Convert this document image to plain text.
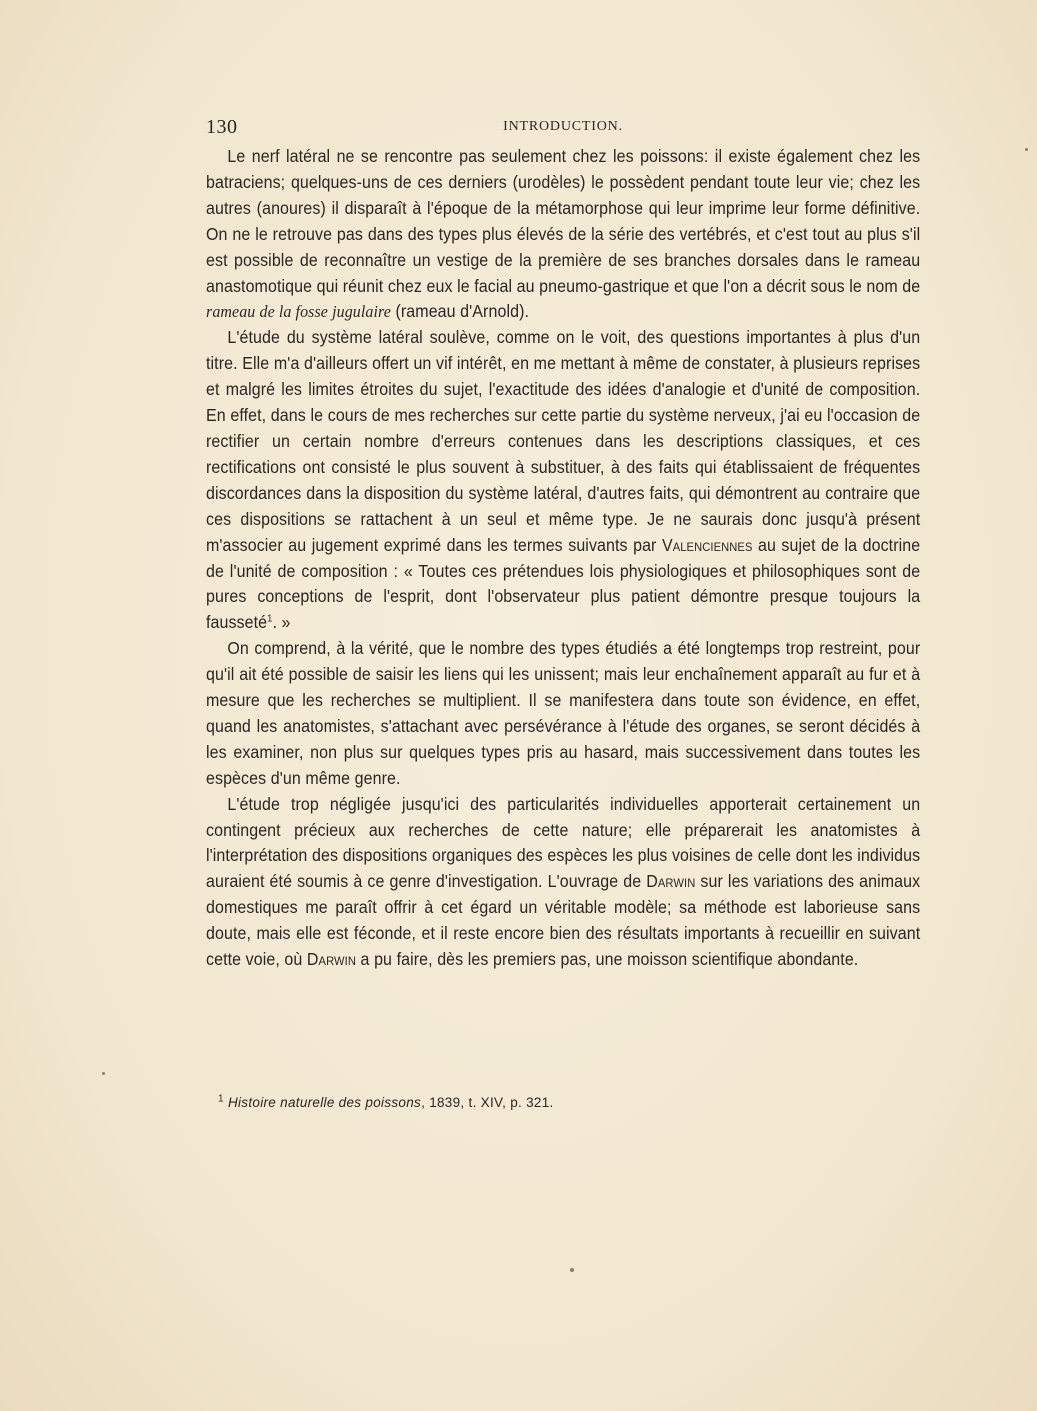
130	INTRODUCTION.

Le nerf latéral ne se rencontre pas seulement chez les poissons: il existe également chez les batraciens; quelques-uns de ces derniers (urodèles) le possèdent pendant toute leur vie; chez les autres (anoures) il disparaît à l'époque de la métamorphose qui leur imprime leur forme définitive. On ne le retrouve pas dans des types plus élevés de la série des vertébrés, et c'est tout au plus s'il est possible de reconnaître un vestige de la première de ses branches dorsales dans le rameau anastomotique qui réunit chez eux le facial au pneumo-gastrique et que l'on a décrit sous le nom de rameau de la fosse jugulaire (rameau d'Arnold).

L'étude du système latéral soulève, comme on le voit, des questions importantes à plus d'un titre. Elle m'a d'ailleurs offert un vif intérêt, en me mettant à même de constater, à plusieurs reprises et malgré les limites étroites du sujet, l'exactitude des idées d'analogie et d'unité de composition. En effet, dans le cours de mes recherches sur cette partie du système nerveux, j'ai eu l'occasion de rectifier un certain nombre d'erreurs contenues dans les descriptions classiques, et ces rectifications ont consisté le plus souvent à substituer, à des faits qui établissaient de fréquentes discordances dans la disposition du système latéral, d'autres faits, qui démontrent au contraire que ces dispositions se rattachent à un seul et même type. Je ne saurais donc jusqu'à présent m'associer au jugement exprimé dans les termes suivants par Valenciennes au sujet de la doctrine de l'unité de composition : « Toutes ces prétendues lois physiologiques et philosophiques sont de pures conceptions de l'esprit, dont l'observateur plus patient démontre presque toujours la fausseté$^1$. »

On comprend, à la vérité, que le nombre des types étudiés a été longtemps trop restreint, pour qu'il ait été possible de saisir les liens qui les unissent; mais leur enchaînement apparaît au fur et à mesure que les recherches se multiplient. Il se manifestera dans toute son évidence, en effet, quand les anatomistes, s'attachant avec persévérance à l'étude des organes, se seront décidés à les examiner, non plus sur quelques types pris au hasard, mais successivement dans toutes les espèces d'un même genre.

L'étude trop négligée jusqu'ici des particularités individuelles apporterait certainement un contingent précieux aux recherches de cette nature; elle préparerait les anatomistes à l'interprétation des dispositions organiques des espèces les plus voisines de celle dont les individus auraient été soumis à ce genre d'investigation. L'ouvrage de Darwin sur les variations des animaux domestiques me paraît offrir à cet égard un véritable modèle; sa méthode est laborieuse sans doute, mais elle est féconde, et il reste encore bien des résultats importants à recueillir en suivant cette voie, où Darwin a pu faire, dès les premiers pas, une moisson scientifique abondante.

$^1$ Histoire naturelle des poissons, 1839, t. XIV, p. 321.
